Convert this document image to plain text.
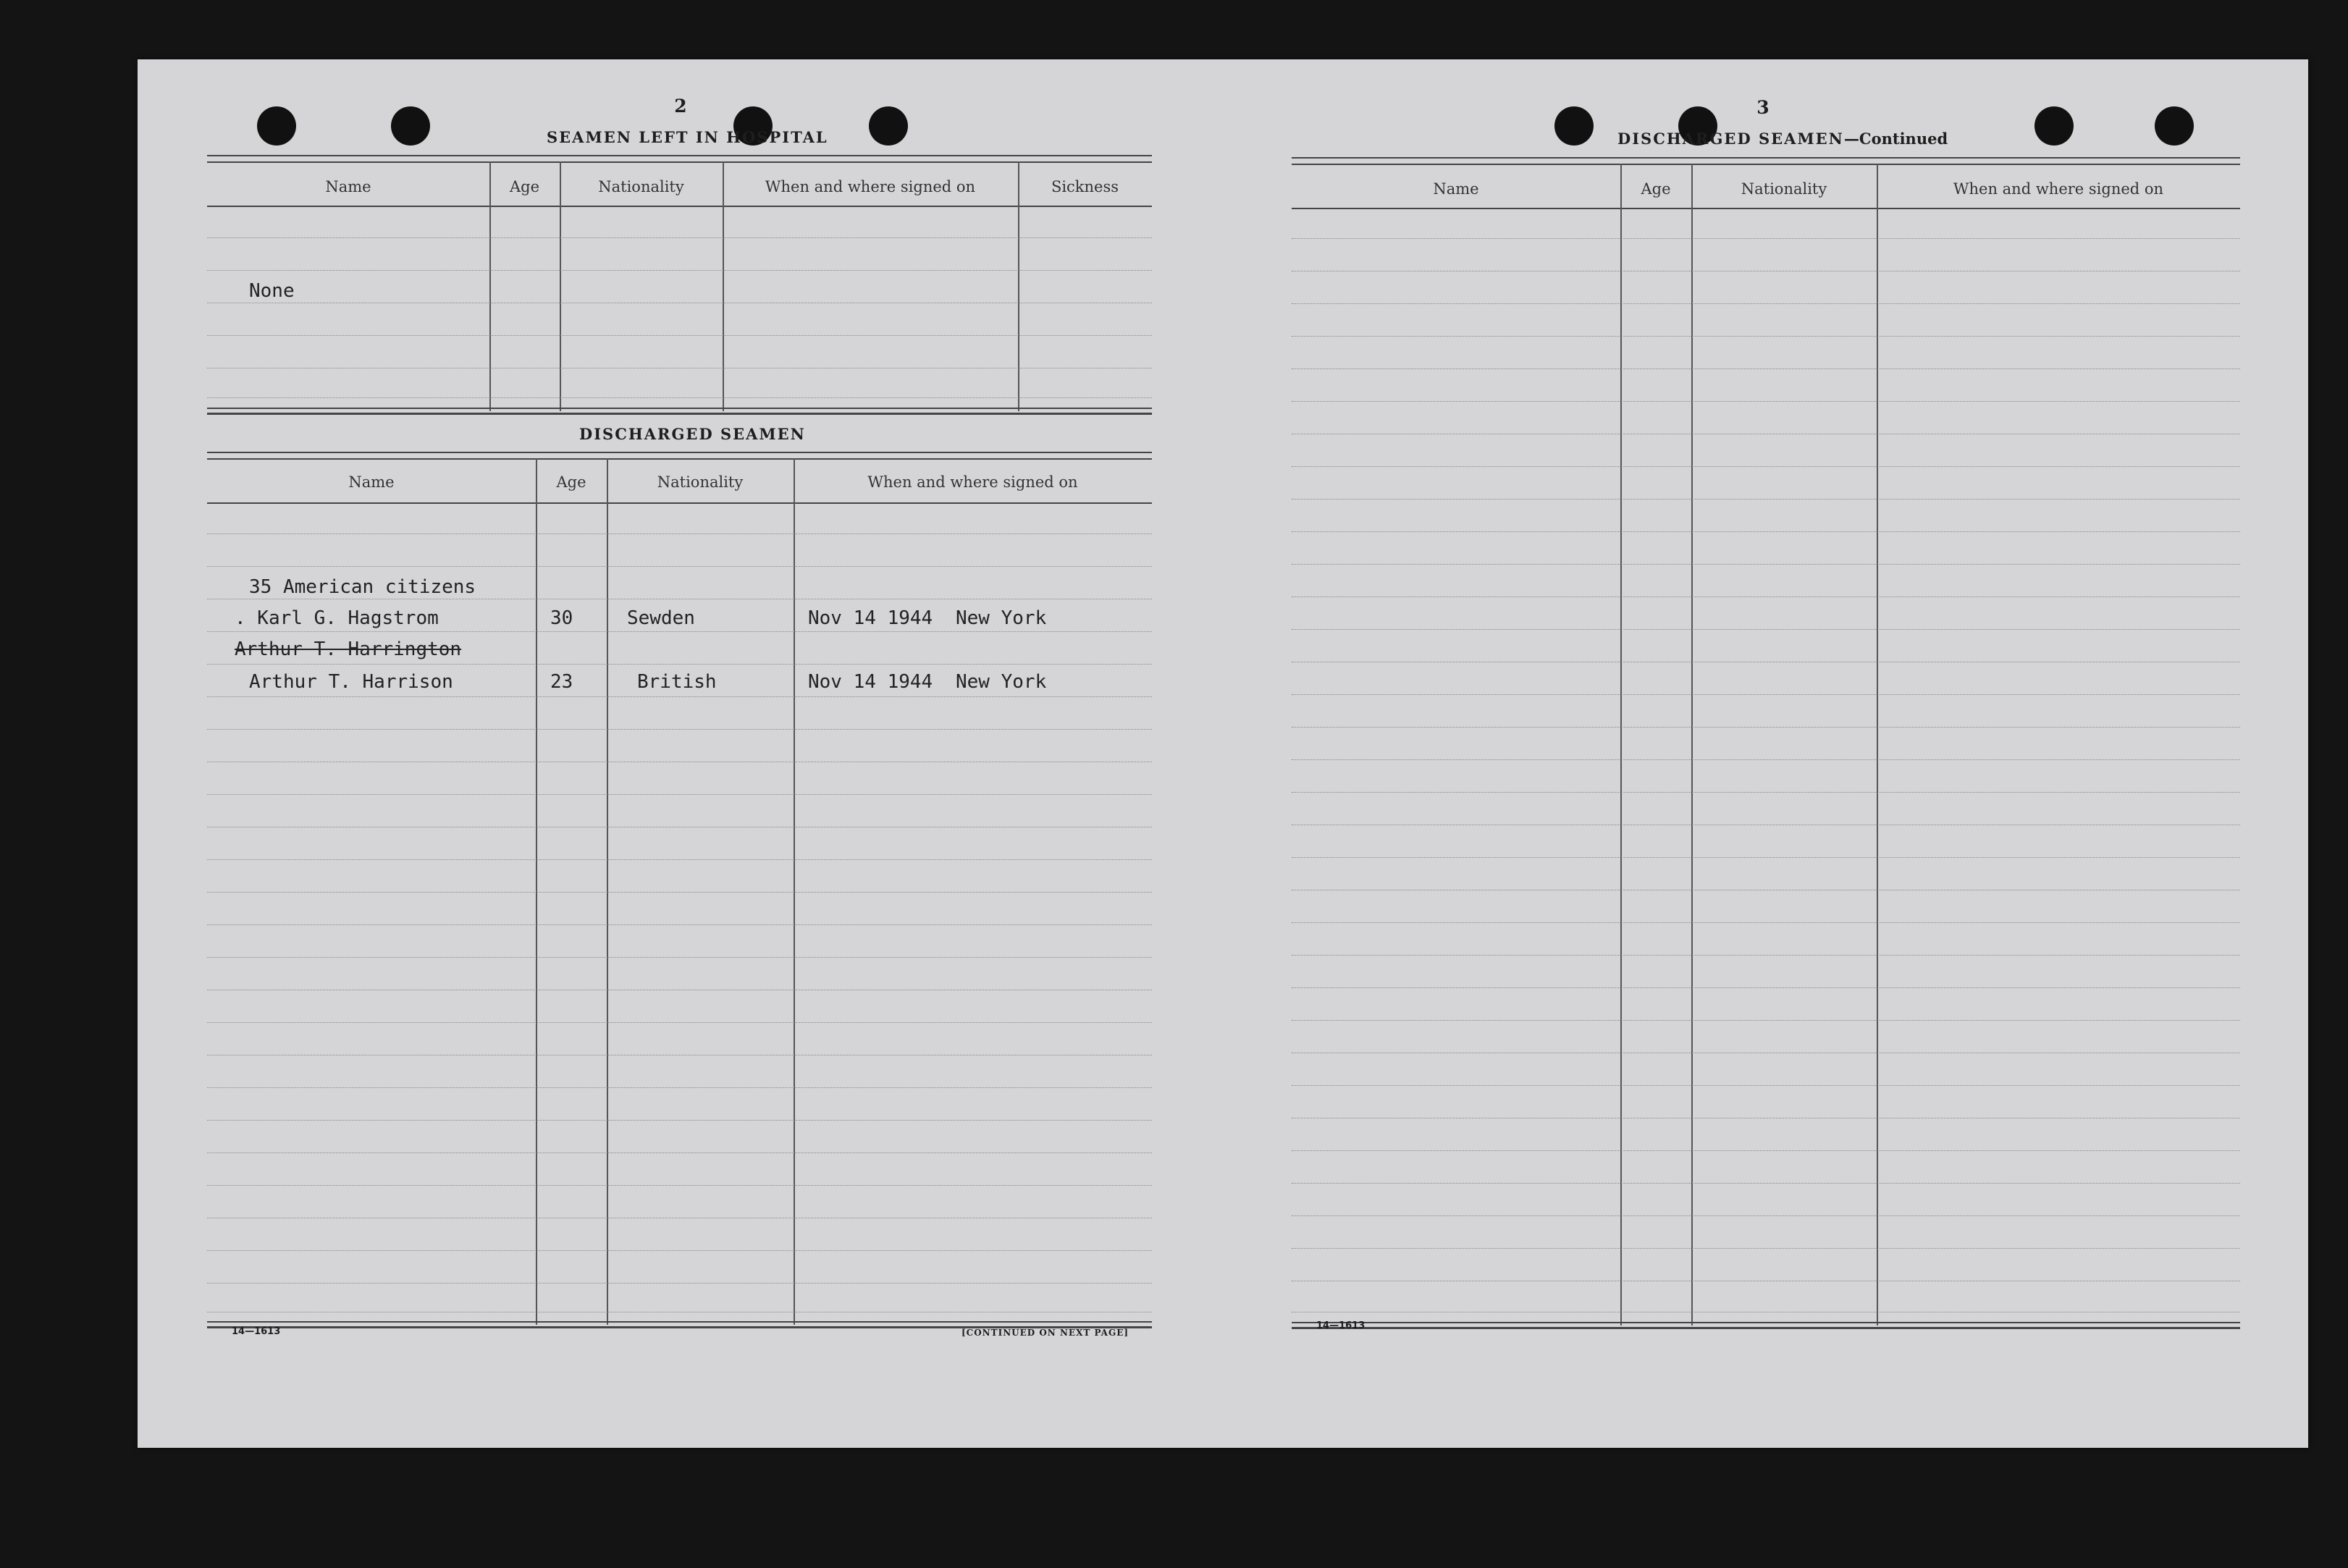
2
SEAMEN LEFT IN HOSPITAL
Name	Age	Nationality	When and where signed on	Sickness
None
DISCHARGED SEAMEN
Name	Age	Nationality	When and where signed on
35 American citizens
. Karl G. Hagstrom	30	Sewden	Nov 14 1944 New York
Arthur T. Harrington
Arthur T. Harrison	23	British	Nov 14 1944 New York
14—1613	[CONTINUED ON NEXT PAGE]
3
DISCHARGED SEAMEN—Continued
Name	Age	Nationality	When and where signed on
14—1613
